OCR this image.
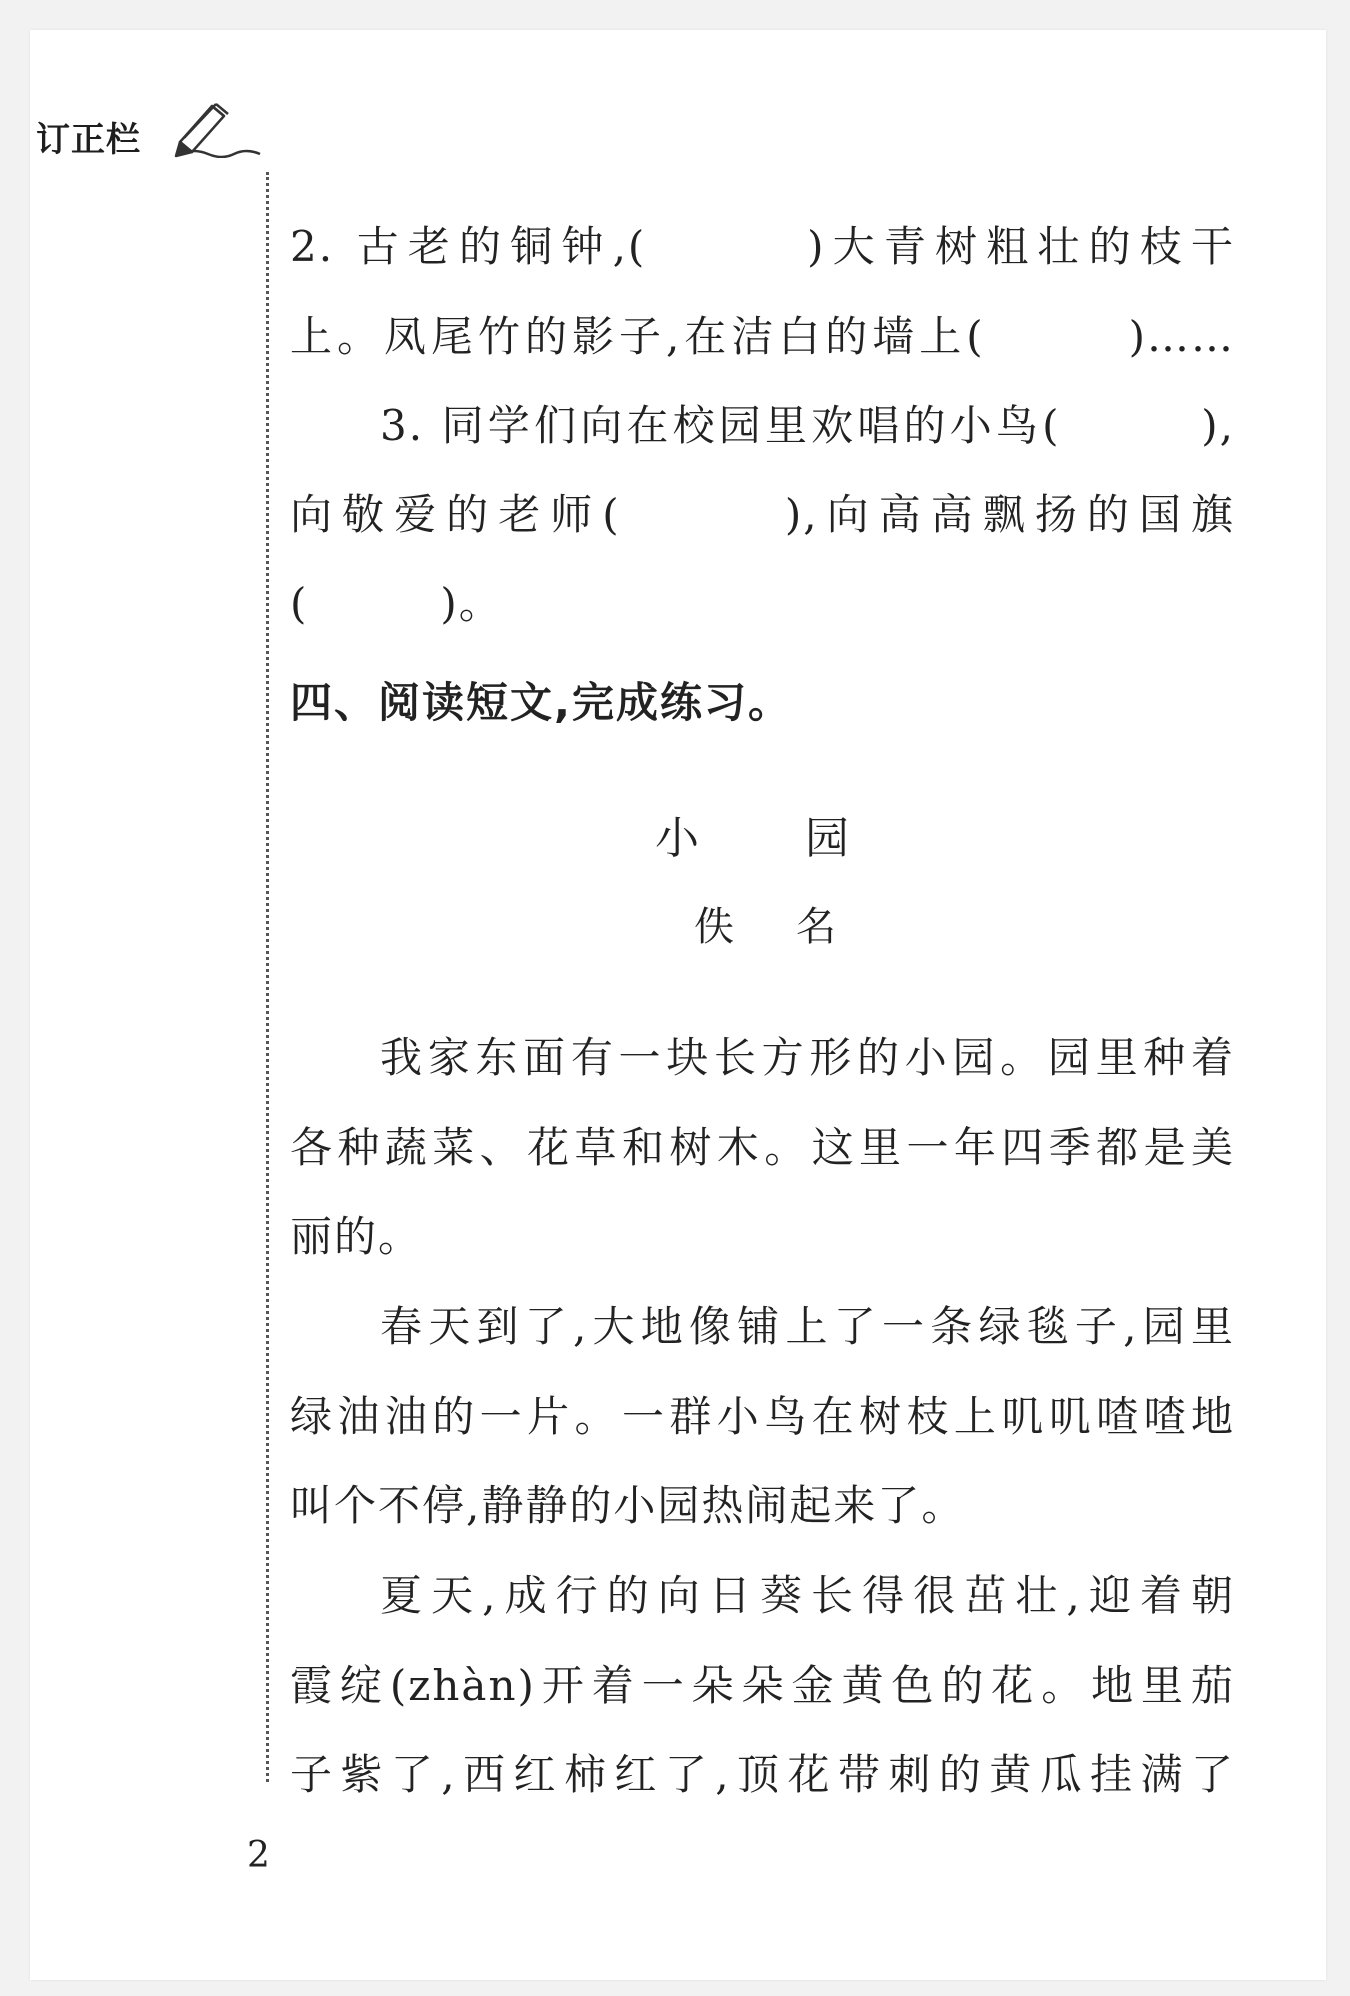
订正栏
2. 古老的铜钟,(　　　)大青树粗壮的枝干
上。凤尾竹的影子,在洁白的墙上(　　　)……
3. 同学们向在校园里欢唱的小鸟(　　　),
向敬爱的老师(　　　),向高高飘扬的国旗
(　　　)。
四、阅读短文,完成练习。
小园
佚名
我家东面有一块长方形的小园。园里种着
各种蔬菜、花草和树木。这里一年四季都是美
丽的。
春天到了,大地像铺上了一条绿毯子,园里
绿油油的一片。一群小鸟在树枝上叽叽喳喳地
叫个不停,静静的小园热闹起来了。
夏天,成行的向日葵长得很茁壮,迎着朝
霞绽(zhàn)开着一朵朵金黄色的花。地里茄
子紫了,西红柿红了,顶花带刺的黄瓜挂满了
2
